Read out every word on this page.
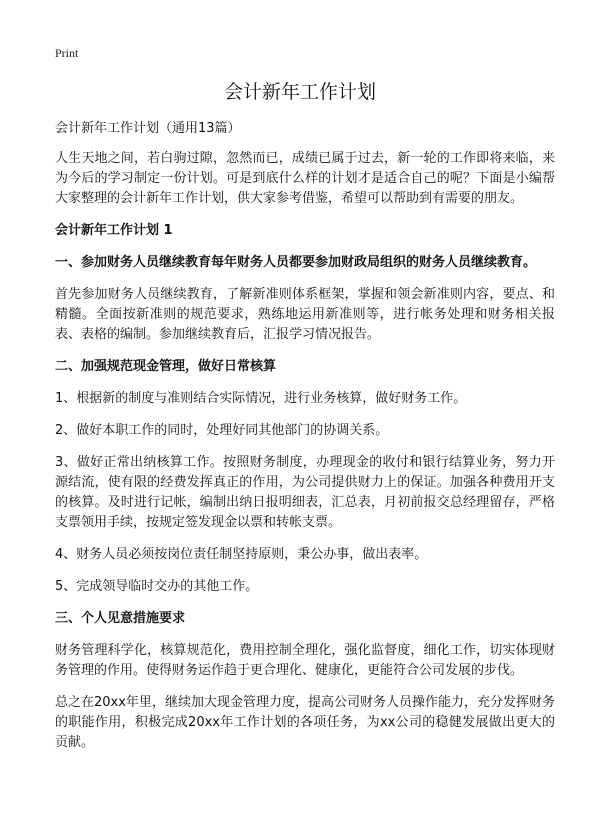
Print
会计新年工作计划

会计新年工作计划（通用13篇）

人生天地之间，若白驹过隙，忽然而已，成绩已属于过去，新一轮的工作即将来临，来为今后的学习制定一份计划。可是到底什么样的计划才是适合自己的呢？下面是小编帮大家整理的会计新年工作计划，供大家参考借鉴，希望可以帮助到有需要的朋友。

会计新年工作计划 1

一、参加财务人员继续教育每年财务人员都要参加财政局组织的财务人员继续教育。

首先参加财务人员继续教育，了解新准则体系框架，掌握和领会新准则内容，要点、和精髓。全面按新准则的规范要求，熟练地运用新准则等，进行帐务处理和财务相关报表、表格的编制。参加继续教育后，汇报学习情况报告。

二、加强规范现金管理，做好日常核算

1、根据新的制度与准则结合实际情况，进行业务核算，做好财务工作。

2、做好本职工作的同时，处理好同其他部门的协调关系。

3、做好正常出纳核算工作。按照财务制度，办理现金的收付和银行结算业务，努力开源结流，使有限的经费发挥真正的作用，为公司提供财力上的保证。加强各种费用开支的核算。及时进行记帐，编制出纳日报明细表，汇总表，月初前报交总经理留存，严格支票领用手续，按规定签发现金以票和转帐支票。

4、财务人员必须按岗位责任制坚持原则，秉公办事，做出表率。

5、完成领导临时交办的其他工作。

三、个人见意措施要求

财务管理科学化，核算规范化，费用控制全理化，强化监督度，细化工作，切实体现财务管理的作用。使得财务运作趋于更合理化、健康化，更能符合公司发展的步伐。

总之在20xx年里，继续加大现金管理力度，提高公司财务人员操作能力，充分发挥财务的职能作用，积极完成20xx年工作计划的各项任务，为xx公司的稳健发展做出更大的贡献。
